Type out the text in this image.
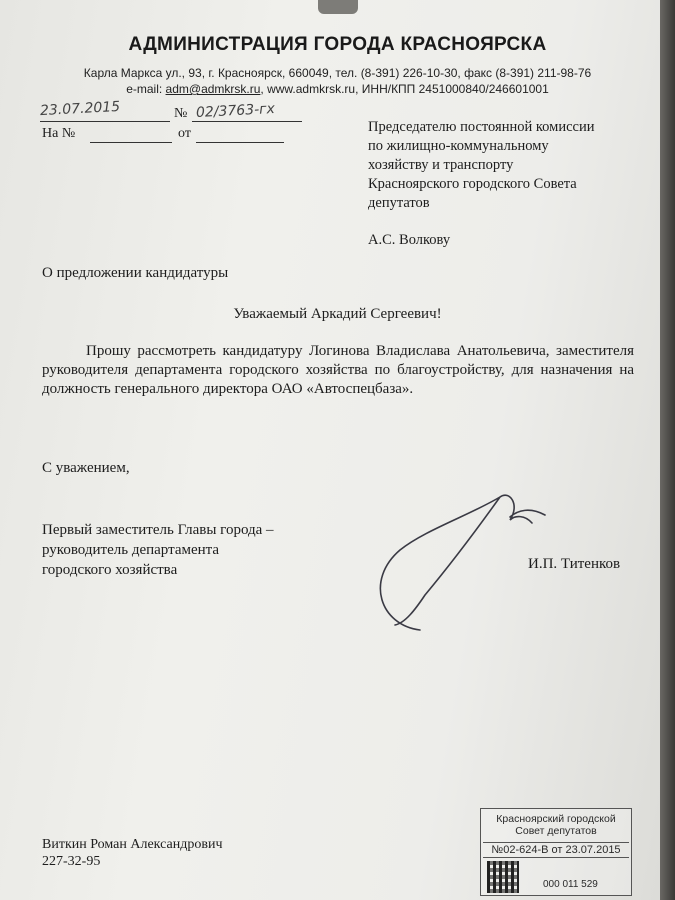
АДМИНИСТРАЦИЯ ГОРОДА КРАСНОЯРСКА
Карла Маркса ул., 93, г. Красноярск, 660049, тел. (8-391) 226-10-30, факс (8-391) 211-98-76
e-mail: adm@admkrsk.ru, www.admkrsk.ru, ИНН/КПП 2451000840/246601001
23.07.2015	№ 02/3763-гх
На №	от	Председателю постоянной комиссии
по жилищно-коммунальному
хозяйству и транспорту
Красноярского городского Совета
депутатов
А.С. Волкову
О предложении кандидатуры
Уважаемый Аркадий Сергеевич!
Прошу рассмотреть кандидатуру Логинова Владислава Анатольевича, заместителя руководителя департамента городского хозяйства по благоустройству, для назначения на должность генерального директора ОАО «Автоспецбаза».
С уважением,
Первый заместитель Главы города –
руководитель департамента
городского хозяйства	И.П. Титенков
Виткин Роман Александрович
227-32-95
Красноярский городской
Совет депутатов
№02-624-В от 23.07.2015
000 011 529
